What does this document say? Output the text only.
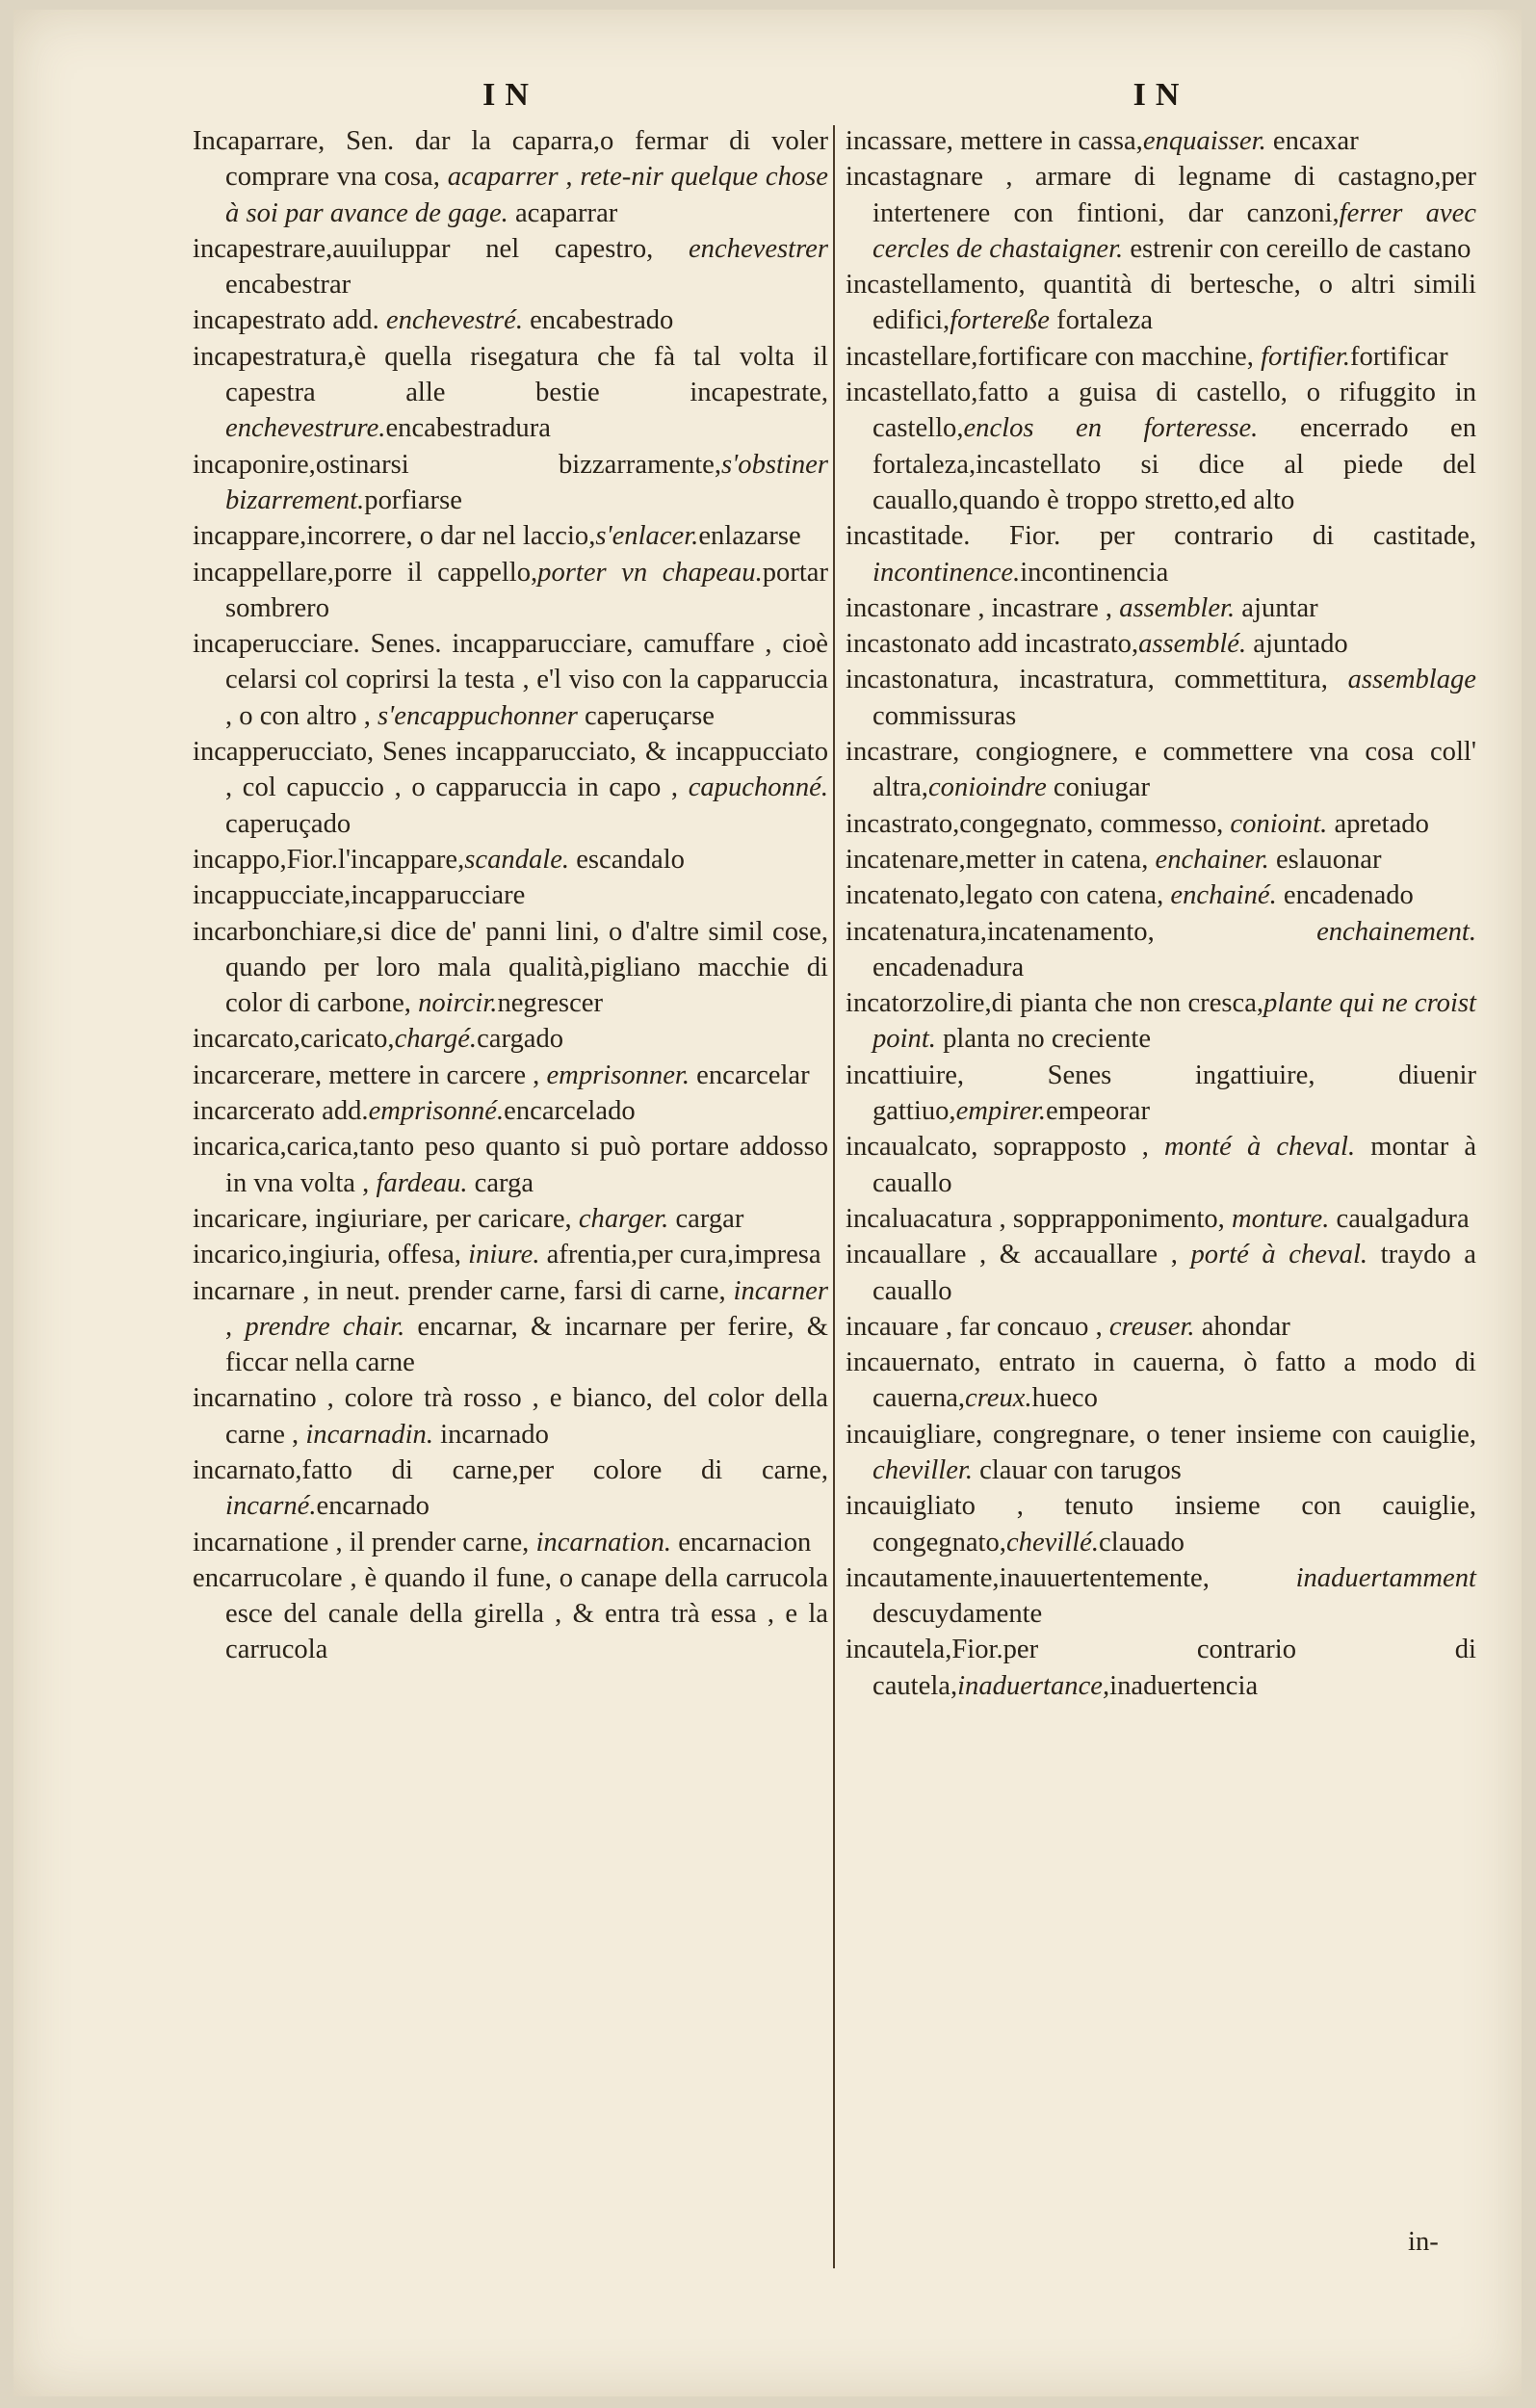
IN	IN

Incaparrare, Sen. dar la caparra,o fermar di voler comprare vna cosa, acaparrer , rete-nir quelque chose à soi par avance de gage. acaparrar

incapestrare,auuiluppar nel capestro, enchevestrer encabestrar

incapestrato add. enchevestré. encabestrado

incapestratura,è quella risegatura che fà tal volta il capestra alle bestie incapestrate, enchevestrure.encabestradura

incaponire,ostinarsi bizzarramente,s'obstiner bizarrement.porfiarse

incappare,incorrere, o dar nel laccio,s'enlacer.enlazarse

incappellare,porre il cappello,porter vn chapeau.portar sombrero

incaperucciare. Senes. incapparucciare, camuffare , cioè celarsi col coprirsi la testa , e'l viso con la capparuccia , o con altro , s'encappuchonner caperuçarse

incapperucciato, Senes incapparucciato, & incappucciato , col capuccio , o capparuccia in capo , capuchonné. caperuçado

incappo,Fior.l'incappare,scandale. escandalo

incappucciate,incapparucciare

incarbonchiare,si dice de' panni lini, o d'altre simil cose, quando per loro mala qualità,pigliano macchie di color di carbone, noircir.negrescer

incarcato,caricato,chargé.cargado

incarcerare, mettere in carcere , emprisonner. encarcelar

incarcerato add.emprisonné.encarcelado

incarica,carica,tanto peso quanto si può portare addosso in vna volta , fardeau. carga

incaricare, ingiuriare, per caricare, charger. cargar

incarico,ingiuria, offesa, iniure. afrentia,per cura,impresa

incarnare , in neut. prender carne, farsi di carne, incarner , prendre chair. encarnar, & incarnare per ferire, & ficcar nella carne

incarnatino , colore trà rosso , e bianco, del color della carne , incarnadin. incarnado

incarnato,fatto di carne,per colore di carne, incarné.encarnado

incarnatione , il prender carne, incarnation. encarnacion

encarrucolare , è quando il fune, o canape della carrucola esce del canale della girella , & entra trà essa , e la carrucola

incassare, mettere in cassa,enquaisser. encaxar

incastagnare , armare di legname di castagno,per intertenere con fintioni, dar canzoni,ferrer avec cercles de chastaigner. estrenir con cereillo de castano

incastellamento, quantità di bertesche, o altri simili edifici,fortereße fortaleza

incastellare,fortificare con macchine, fortifier.fortificar

incastellato,fatto a guisa di castello, o rifuggito in castello,enclos en forteresse. encerrado en fortaleza,incastellato si dice al piede del cauallo,quando è troppo stretto,ed alto

incastitade. Fior. per contrario di castitade, incontinence.incontinencia

incastonare , incastrare , assembler. ajuntar

incastonato add incastrato,assemblé. ajuntado

incastonatura, incastratura, commettitura, assemblage commissuras

incastrare, congiognere, e commettere vna cosa coll' altra,conioindre coniugar

incastrato,congegnato, commesso, conioint. apretado

incatenare,metter in catena, enchainer. eslauonar

incatenato,legato con catena, enchainé. encadenado

incatenatura,incatenamento, enchainement. encadenadura

incatorzolire,di pianta che non cresca,plante qui ne croist point. planta no creciente

incattiuire, Senes ingattiuire, diuenir gattiuo,empirer.empeorar

incaualcato, soprapposto , monté à cheval. montar à cauallo

incaluacatura , sopprapponimento, monture. caualgadura

incauallare , & accauallare , porté à cheval. traydo a cauallo

incauare , far concauo , creuser. ahondar

incauernato, entrato in cauerna, ò fatto a modo di cauerna,creux.hueco

incauigliare, congregnare, o tener insieme con cauiglie, cheviller. clauar con tarugos

incauigliato , tenuto insieme con cauiglie, congegnato,chevillé.clauado

incautamente,inauuertentemente, inaduertamment descuydamente

incautela,Fior.per contrario di cautela,inaduertance,inaduertencia

in-
